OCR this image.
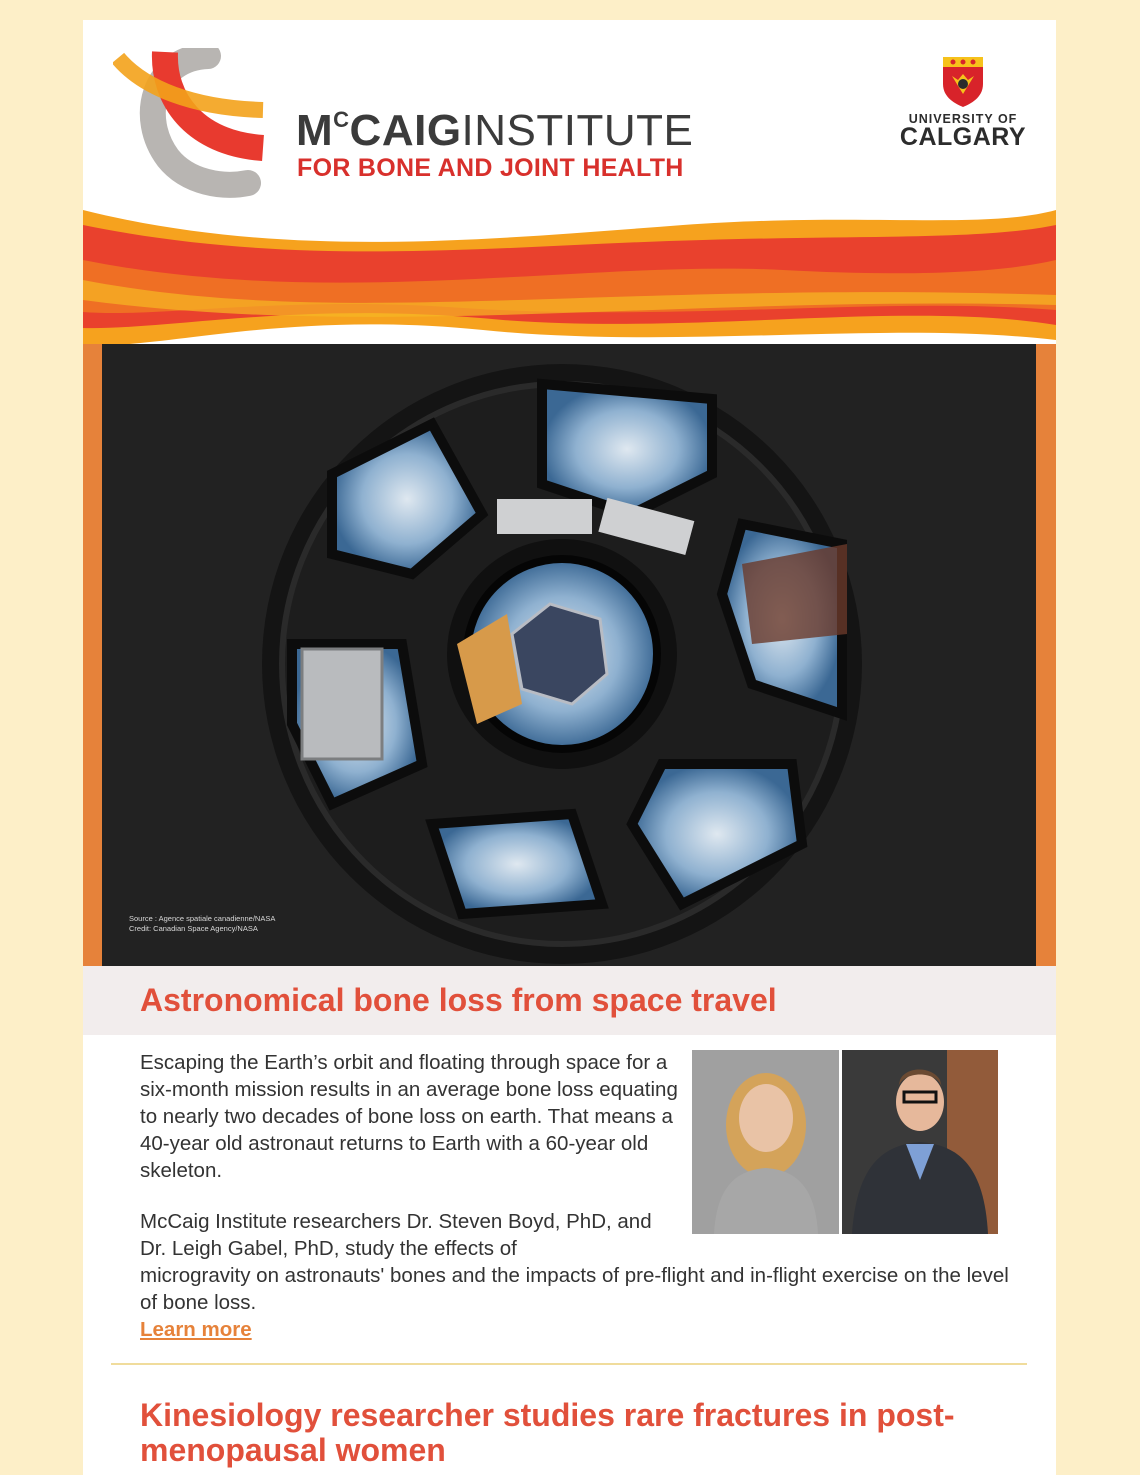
$M^CCAIGINSTITUTE$
FOR BONE AND JOINT HEALTH
UNIVERSITY OF
CALGARY
Source : Agence spatiale canadienne/NASA
Credit: Canadian Space Agency/NASA
Astronomical bone loss from space travel
Escaping the Earth’s orbit and floating through space for a six-month mission results in an average bone loss equating to nearly two decades of bone loss on earth. That means a 40-year old astronaut returns to Earth with a 60-year old skeleton.
McCaig Institute researchers Dr. Steven Boyd, PhD, and Dr. Leigh Gabel, PhD, study the effects of
microgravity on astronauts' bones and the impacts of pre-flight and in-flight exercise on the level of bone loss.
Learn more
Kinesiology researcher studies rare fractures in post-menopausal women
